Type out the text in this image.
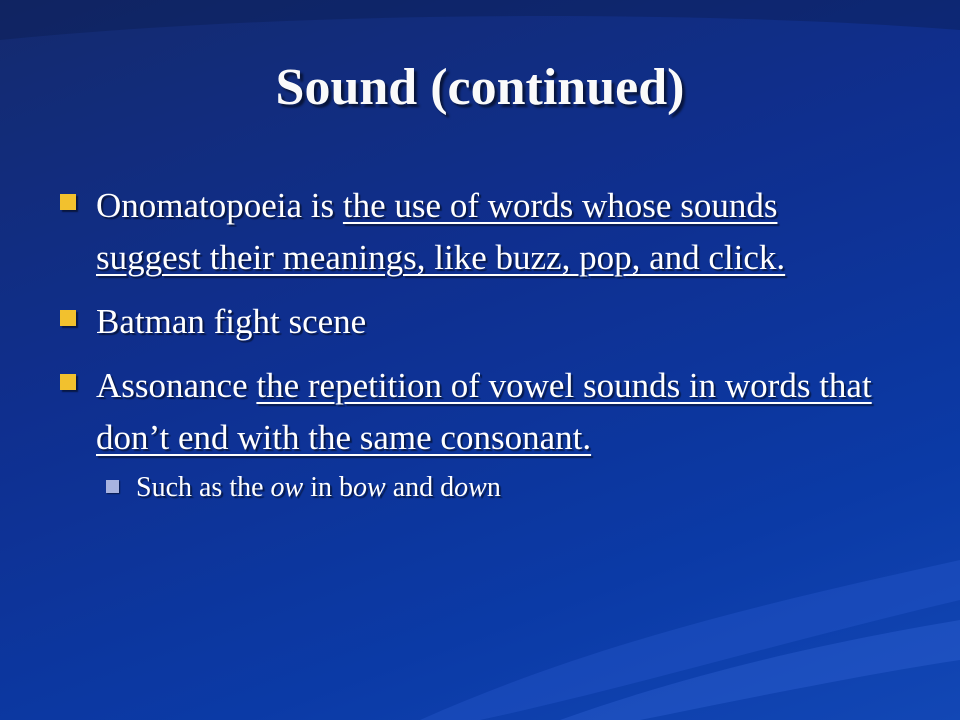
Sound (continued)
Onomatopoeia is the use of words whose sounds suggest their meanings, like buzz, pop, and click.
Batman fight scene
Assonance the repetition of vowel sounds in words that don’t end with the same consonant.
Such as the ow in bow and down
